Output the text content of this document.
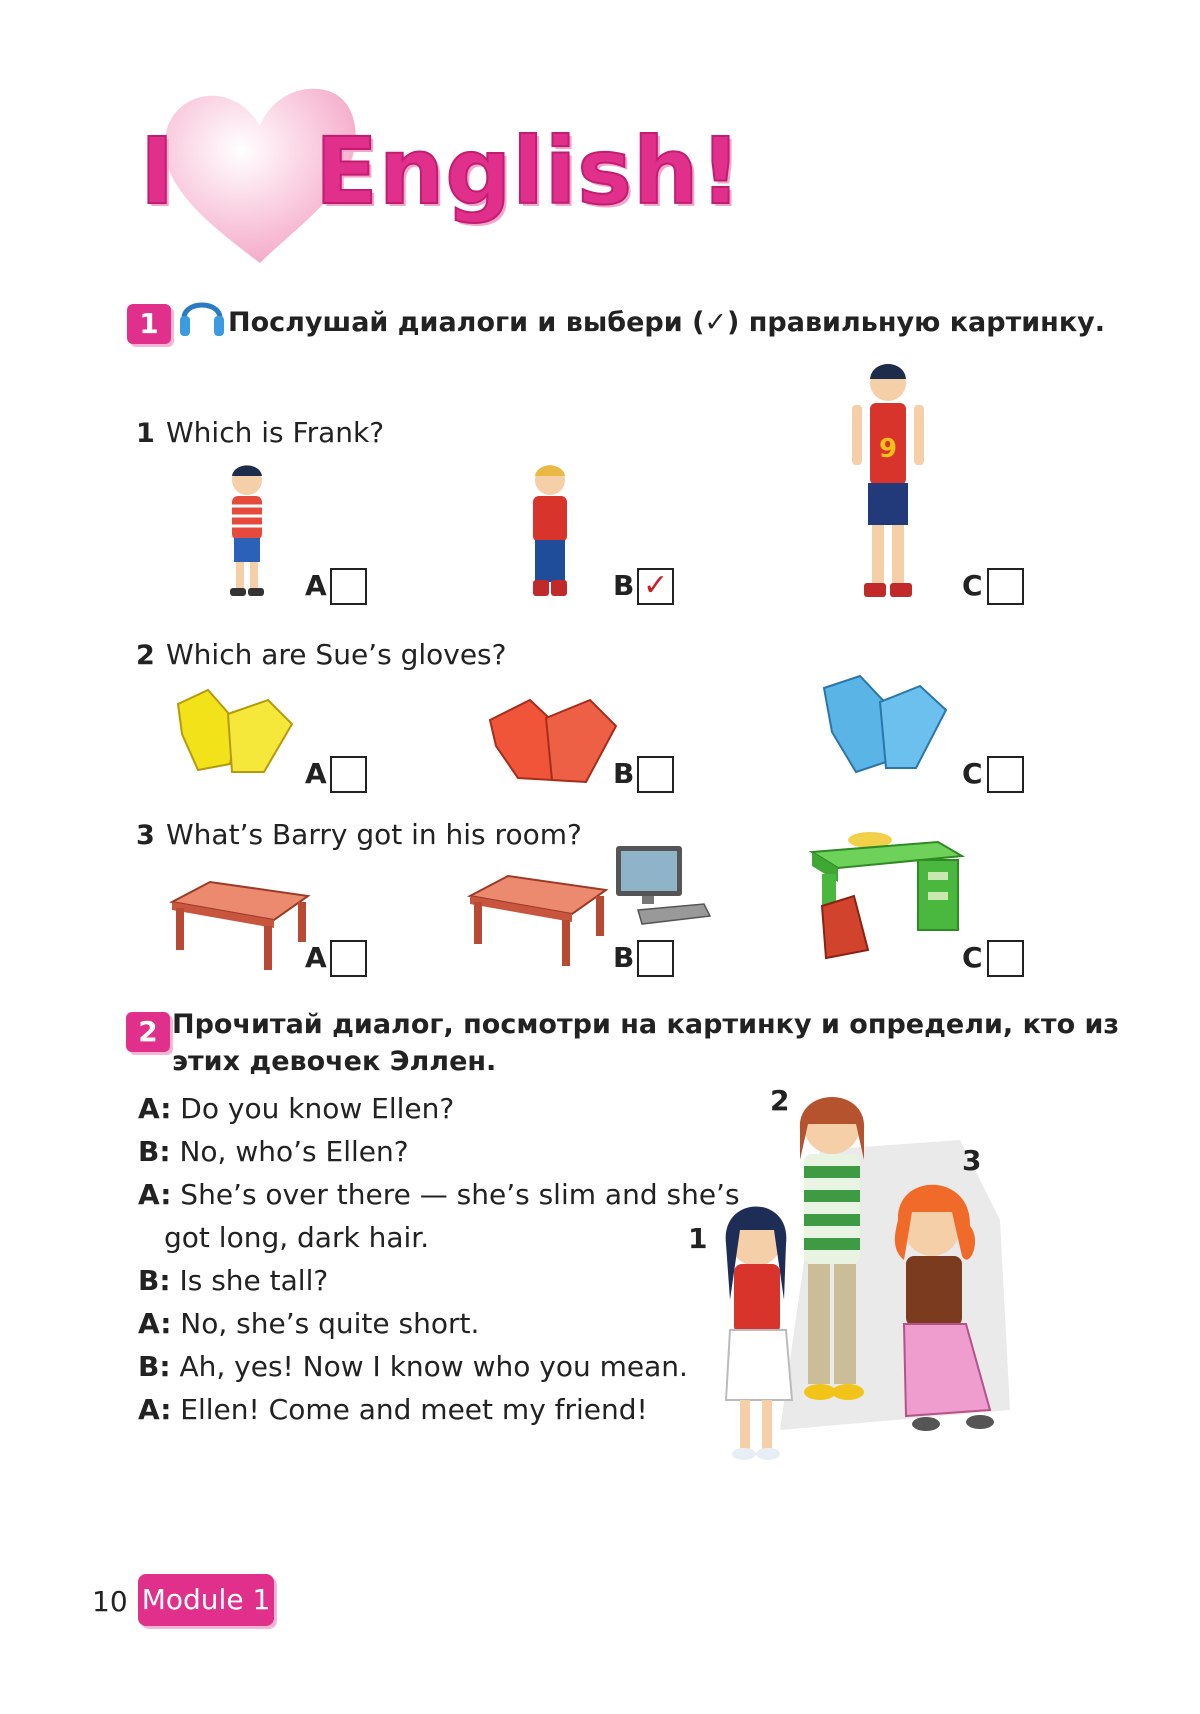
I English!
1	Послушай диалоги и выбери (✓) правильную картинку.
1 Which is Frank?	9
A	B ✓	C
2 Which are Sue’s gloves?
A	B	C
3 What’s Barry got in his room?
A	B	C
2 Прочитай диалог, посмотри на картинку и определи, кто из
этих девочек Эллен.
A: Do you know Ellen?
B: No, who’s Ellen?
A: She’s over there — she’s slim and she’s
got long, dark hair.
B: Is she tall?
A: No, she’s quite short.
B: Ah, yes! Now I know who you mean.
A: Ellen! Come and meet my friend!
1
2
3
10 Module 1
